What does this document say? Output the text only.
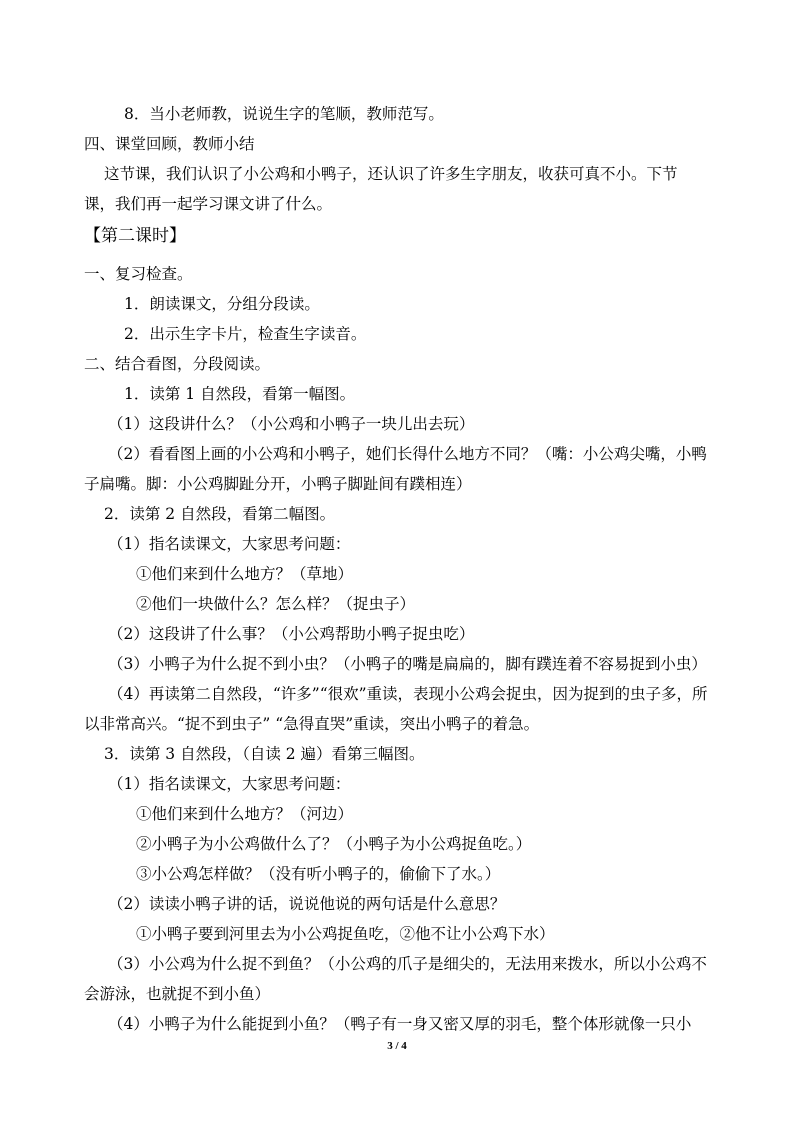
8．当小老师教，说说生字的笔顺，教师范写。
四、课堂回顾，教师小结
这节课，我们认识了小公鸡和小鸭子，还认识了许多生字朋友，收获可真不小。下节
课，我们再一起学习课文讲了什么。
【第二课时】
一、复习检查。
1．朗读课文，分组分段读。
2．出示生字卡片，检查生字读音。
二、结合看图，分段阅读。
1．读第 1 自然段，看第一幅图。
（1）这段讲什么？（小公鸡和小鸭子一块儿出去玩）
（2）看看图上画的小公鸡和小鸭子，她们长得什么地方不同？（嘴：小公鸡尖嘴，小鸭
子扁嘴。脚：小公鸡脚趾分开，小鸭子脚趾间有蹼相连）
2．读第 2 自然段，看第二幅图。
（1）指名读课文，大家思考问题：
①他们来到什么地方？（草地）
②他们一块做什么？怎么样？（捉虫子）
（2）这段讲了什么事？（小公鸡帮助小鸭子捉虫吃）
（3）小鸭子为什么捉不到小虫？（小鸭子的嘴是扁扁的，脚有蹼连着不容易捉到小虫）
（4）再读第二自然段，“许多”“很欢”重读，表现小公鸡会捉虫，因为捉到的虫子多，所
以非常高兴。“捉不到虫子” “急得直哭”重读，突出小鸭子的着急。
3．读第 3 自然段，（自读 2 遍）看第三幅图。
（1）指名读课文，大家思考问题：
①他们来到什么地方？（河边）
②小鸭子为小公鸡做什么了？（小鸭子为小公鸡捉鱼吃。）
③小公鸡怎样做？（没有听小鸭子的，偷偷下了水。）
（2）读读小鸭子讲的话，说说他说的两句话是什么意思？
①小鸭子要到河里去为小公鸡捉鱼吃，②他不让小公鸡下水）
（3）小公鸡为什么捉不到鱼？（小公鸡的爪子是细尖的，无法用来拨水，所以小公鸡不
会游泳，也就捉不到小鱼）
（4）小鸭子为什么能捉到小鱼？（鸭子有一身又密又厚的羽毛，整个体形就像一只小
3 / 4
